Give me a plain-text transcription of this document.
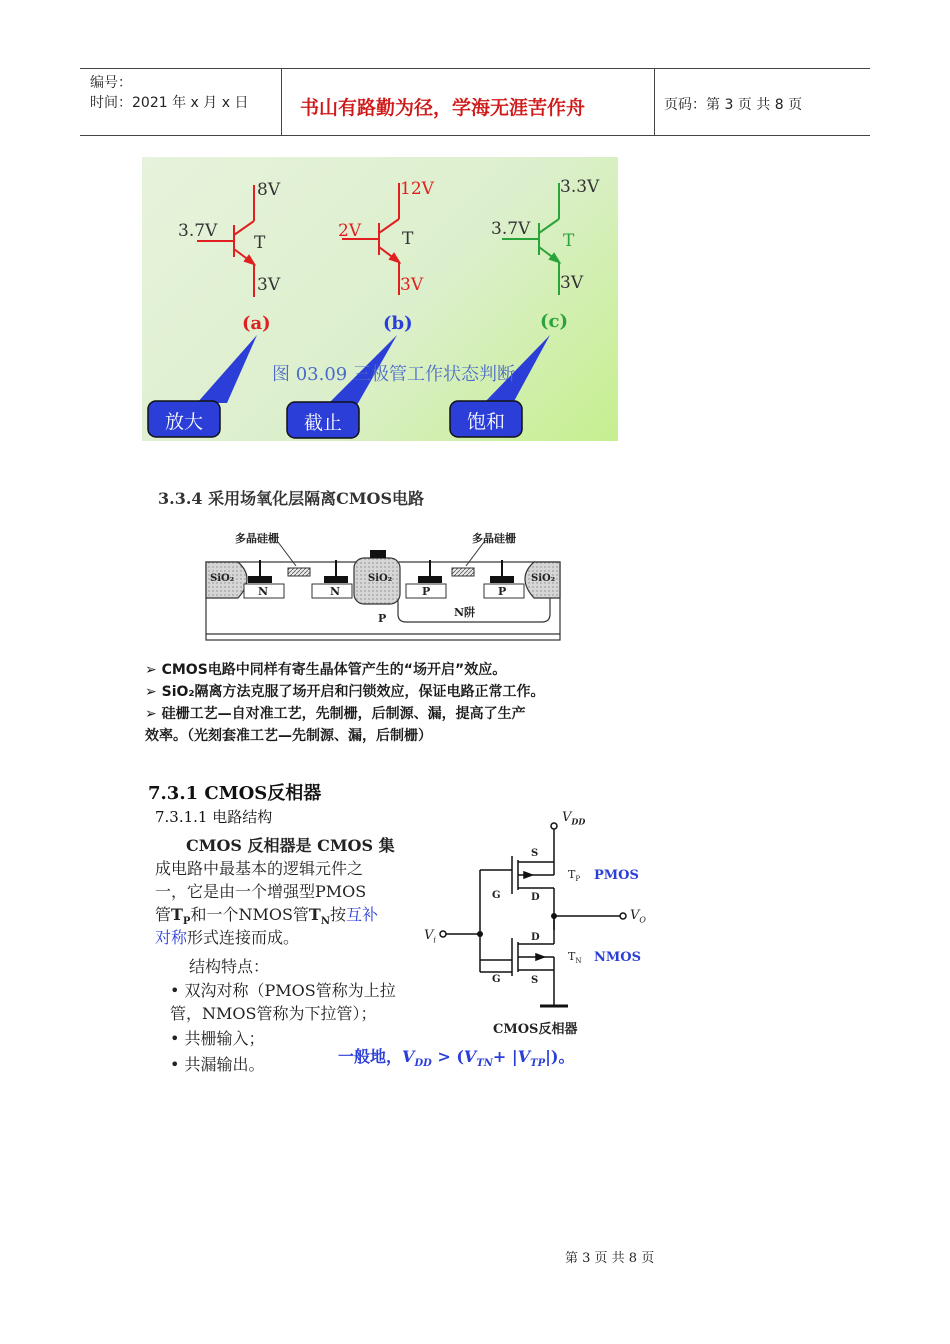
编号：
时间：2021 年 x 月 x 日	书山有路勤为径，学海无涯苦作舟	页码：第 3 页 共 8 页
3.7V
8V
3V
T
(a)
2V
12V
3V
T
(b)
3.7V
3.3V
3V
T
(c)
图 03.09 三极管工作状态判断
放大	截止	饱和
3.3.4 采用场氧化层隔离CMOS电路
多晶硅栅	多晶硅栅
SiO₂	SiO₂	SiO₂
N	N	P	P
N阱
P
➢ CMOS电路中同样有寄生晶体管产生的“场开启”效应。
➢ SiO₂隔离方法克服了场开启和闩锁效应，保证电路正常工作。
➢ 硅栅工艺—自对准工艺，先制栅，后制源、漏，提高了生产
效率。（光刻套准工艺—先制源、漏，后制栅）
7.3.1 CMOS反相器
7.3.1.1 电路结构
CMOS 反相器是 CMOS 集
成电路中最基本的逻辑元件之
一，它是由一个增强型PMOS
管$T_P$和一个NMOS管$T_N$按互补
对称形式连接而成。
结构特点：
• 双沟对称（PMOS管称为上拉
管，NMOS管称为下拉管）；
• 共栅输入；
• 共漏输出。
$V_{DD}$
S
$T_P$ PMOS
G	D
$V_O$
$V_i$	D
$T_N$ NMOS
G	S
CMOS反相器
一般地，$V_{DD} > (V_{TN}+ |V_{TP}|)$。
第 3 页 共 8 页
